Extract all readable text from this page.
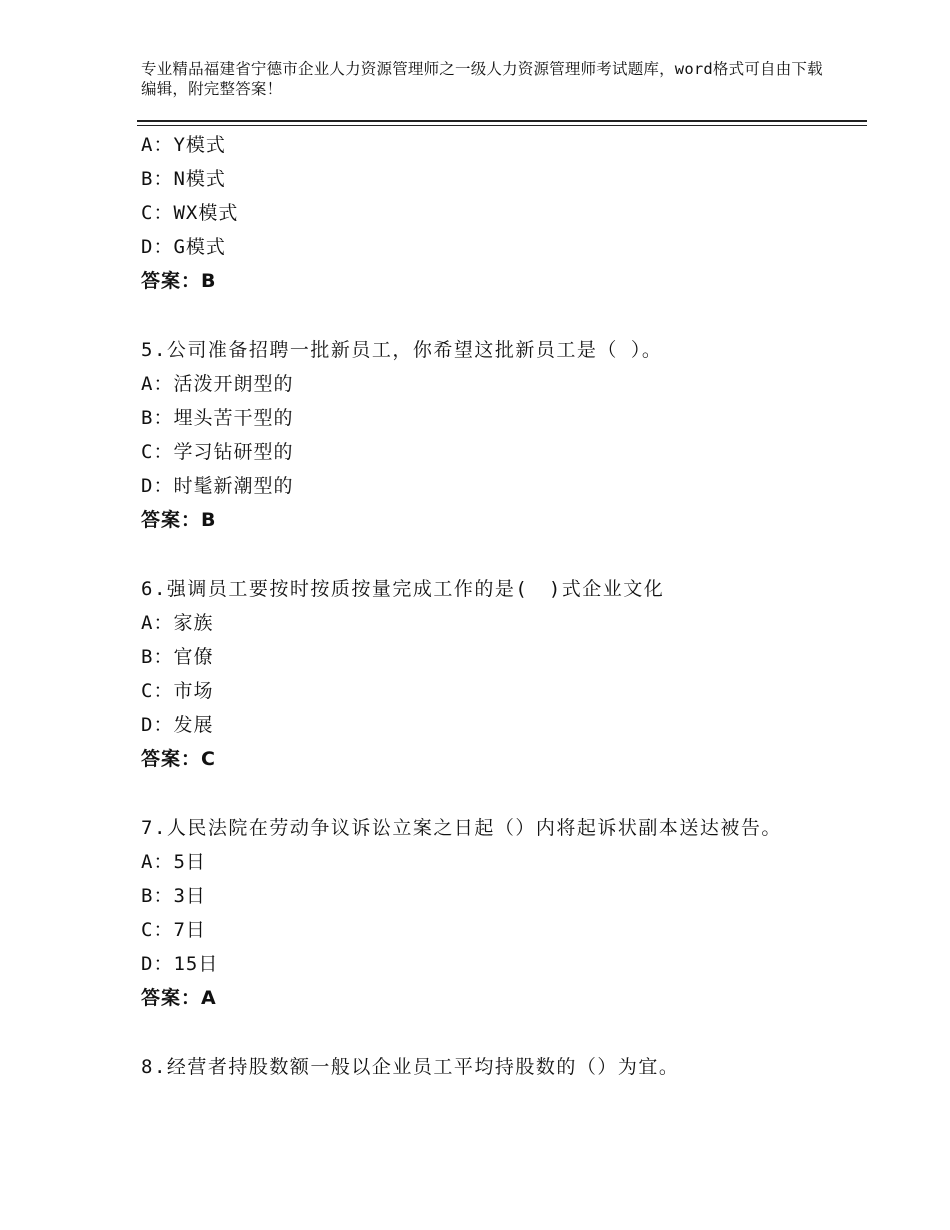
专业精品福建省宁德市企业人力资源管理师之一级人力资源管理师考试题库，word格式可自由下载编辑，附完整答案！
A：Y模式
B：N模式
C：WX模式
D：G模式
答案：B
5.公司准备招聘一批新员工，你希望这批新员工是（ ）。
A：活泼开朗型的
B：埋头苦干型的
C：学习钻研型的
D：时髦新潮型的
答案：B
6.强调员工要按时按质按量完成工作的是(　)式企业文化
A：家族
B：官僚
C：市场
D：发展
答案：C
7.人民法院在劳动争议诉讼立案之日起（）内将起诉状副本送达被告。
A：5日
B：3日
C：7日
D：15日
答案：A
8.经营者持股数额一般以企业员工平均持股数的（）为宜。
